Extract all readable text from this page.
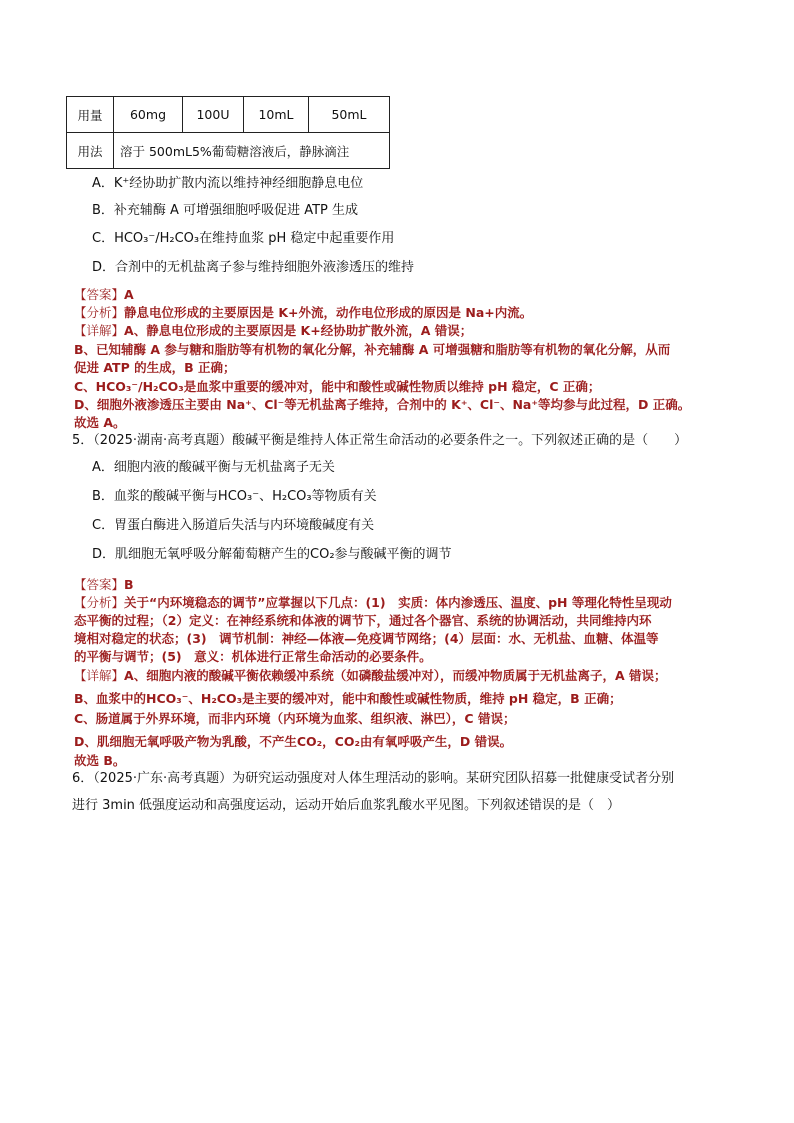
用量	60mg	100U	10mL	50mL
用法	溶于 500mL5%葡萄糖溶液后，静脉滴注			
A．K⁺经协助扩散内流以维持神经细胞静息电位
B．补充辅酶 A 可增强细胞呼吸促进 ATP 生成
C．HCO₃⁻/H₂CO₃在维持血浆 pH 稳定中起重要作用
D．合剂中的无机盐离子参与维持细胞外液渗透压的维持
【答案】A
【分析】静息电位形成的主要原因是 K+外流，动作电位形成的原因是 Na+内流。
【详解】A、静息电位形成的主要原因是 K+经协助扩散外流，A 错误；
B、已知辅酶 A 参与糖和脂肪等有机物的氧化分解，补充辅酶 A 可增强糖和脂肪等有机物的氧化分解，从而
促进 ATP 的生成，B 正确；
C、HCO₃⁻/H₂CO₃是血浆中重要的缓冲对，能中和酸性或碱性物质以维持 pH 稳定，C 正确；
D、细胞外液渗透压主要由 Na⁺、Cl⁻等无机盐离子维持，合剂中的 K⁺、Cl⁻、Na⁺等均参与此过程，D 正确。
故选 A。
5．（2025·湖南·高考真题）酸碱平衡是维持人体正常生命活动的必要条件之一。下列叙述正确的是（　　）
A．细胞内液的酸碱平衡与无机盐离子无关
B．血浆的酸碱平衡与HCO₃⁻、H₂CO₃等物质有关
C．胃蛋白酶进入肠道后失活与内环境酸碱度有关
D．肌细胞无氧呼吸分解葡萄糖产生的CO₂参与酸碱平衡的调节
【答案】B
【分析】关于“内环境稳态的调节”应掌握以下几点：(1)　实质：体内渗透压、温度、pH 等理化特性呈现动
态平衡的过程；（2）定义：在神经系统和体液的调节下，通过各个器官、系统的协调活动，共同维持内环
境相对稳定的状态；(3)　调节机制：神经—体液—免疫调节网络；(4）层面：水、无机盐、血糖、体温等
的平衡与调节；(5)　意义：机体进行正常生命活动的必要条件。
【详解】A、细胞内液的酸碱平衡依赖缓冲系统（如磷酸盐缓冲对），而缓冲物质属于无机盐离子，A 错误；
B、血浆中的HCO₃⁻、H₂CO₃是主要的缓冲对，能中和酸性或碱性物质，维持 pH 稳定，B 正确；
C、肠道属于外界环境，而非内环境（内环境为血浆、组织液、淋巴），C 错误；
D、肌细胞无氧呼吸产物为乳酸，不产生CO₂，CO₂由有氧呼吸产生，D 错误。
故选 B。
6．（2025·广东·高考真题）为研究运动强度对人体生理活动的影响。某研究团队招募一批健康受试者分别
进行 3min 低强度运动和高强度运动，运动开始后血浆乳酸水平见图。下列叙述错误的是（　）
